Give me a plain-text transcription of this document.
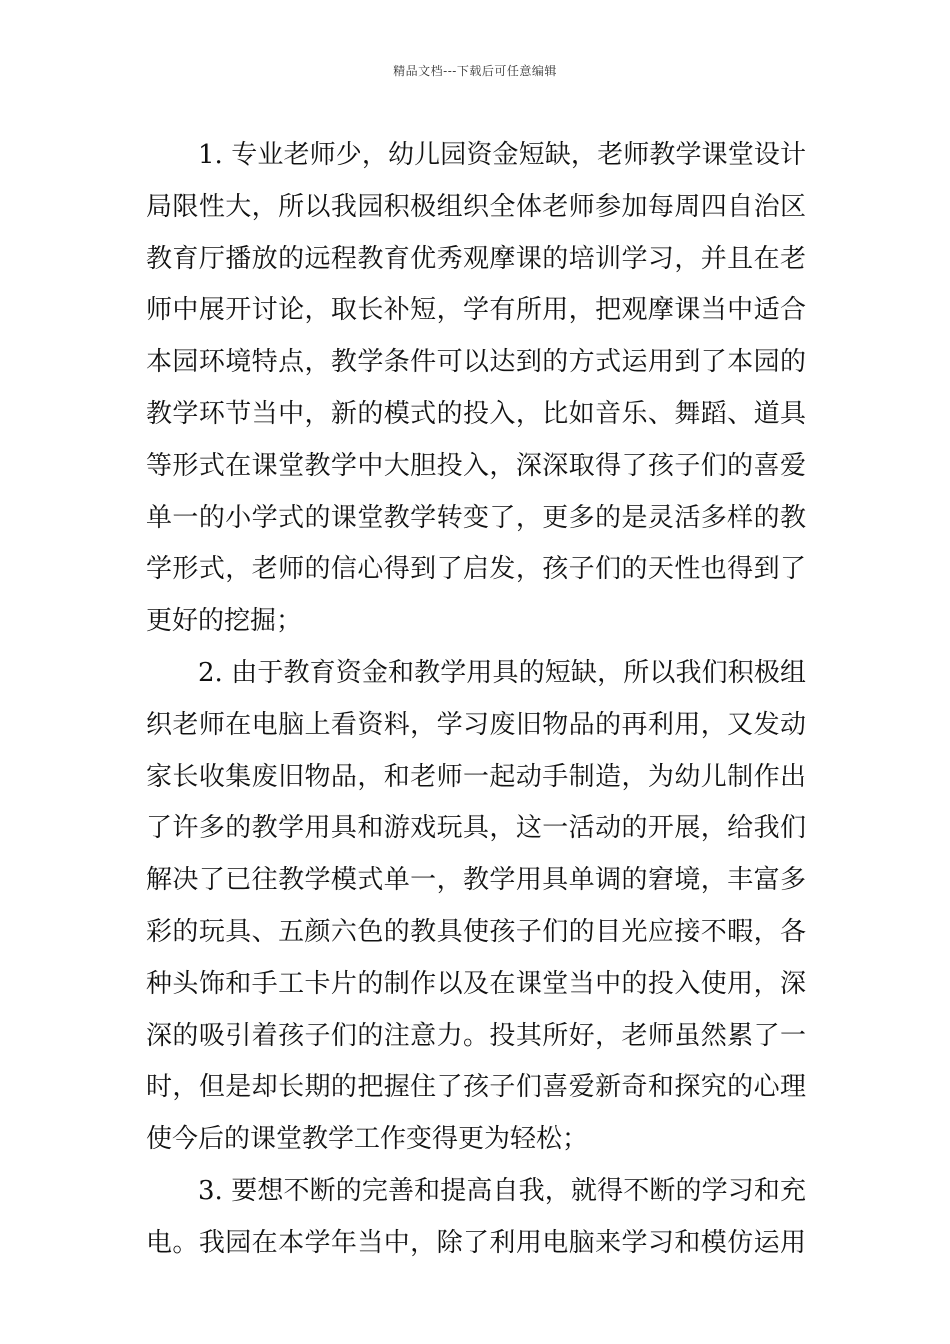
精品文档---下载后可任意编辑

1. 专业老师少，幼儿园资金短缺，老师教学课堂设计
局限性大，所以我园积极组织全体老师参加每周四自治区
教育厅播放的远程教育优秀观摩课的培训学习，并且在老
师中展开讨论，取长补短，学有所用，把观摩课当中适合
本园环境特点，教学条件可以达到的方式运用到了本园的
教学环节当中，新的模式的投入，比如音乐、舞蹈、道具
等形式在课堂教学中大胆投入，深深取得了孩子们的喜爱
单一的小学式的课堂教学转变了，更多的是灵活多样的教
学形式，老师的信心得到了启发，孩子们的天性也得到了
更好的挖掘；

2. 由于教育资金和教学用具的短缺，所以我们积极组
织老师在电脑上看资料，学习废旧物品的再利用，又发动
家长收集废旧物品，和老师一起动手制造，为幼儿制作出
了许多的教学用具和游戏玩具，这一活动的开展，给我们
解决了已往教学模式单一，教学用具单调的窘境，丰富多
彩的玩具、五颜六色的教具使孩子们的目光应接不暇，各
种头饰和手工卡片的制作以及在课堂当中的投入使用，深
深的吸引着孩子们的注意力。投其所好，老师虽然累了一
时，但是却长期的把握住了孩子们喜爱新奇和探究的心理
使今后的课堂教学工作变得更为轻松；

3. 要想不断的完善和提高自我，就得不断的学习和充
电。我园在本学年当中，除了利用电脑来学习和模仿运用
